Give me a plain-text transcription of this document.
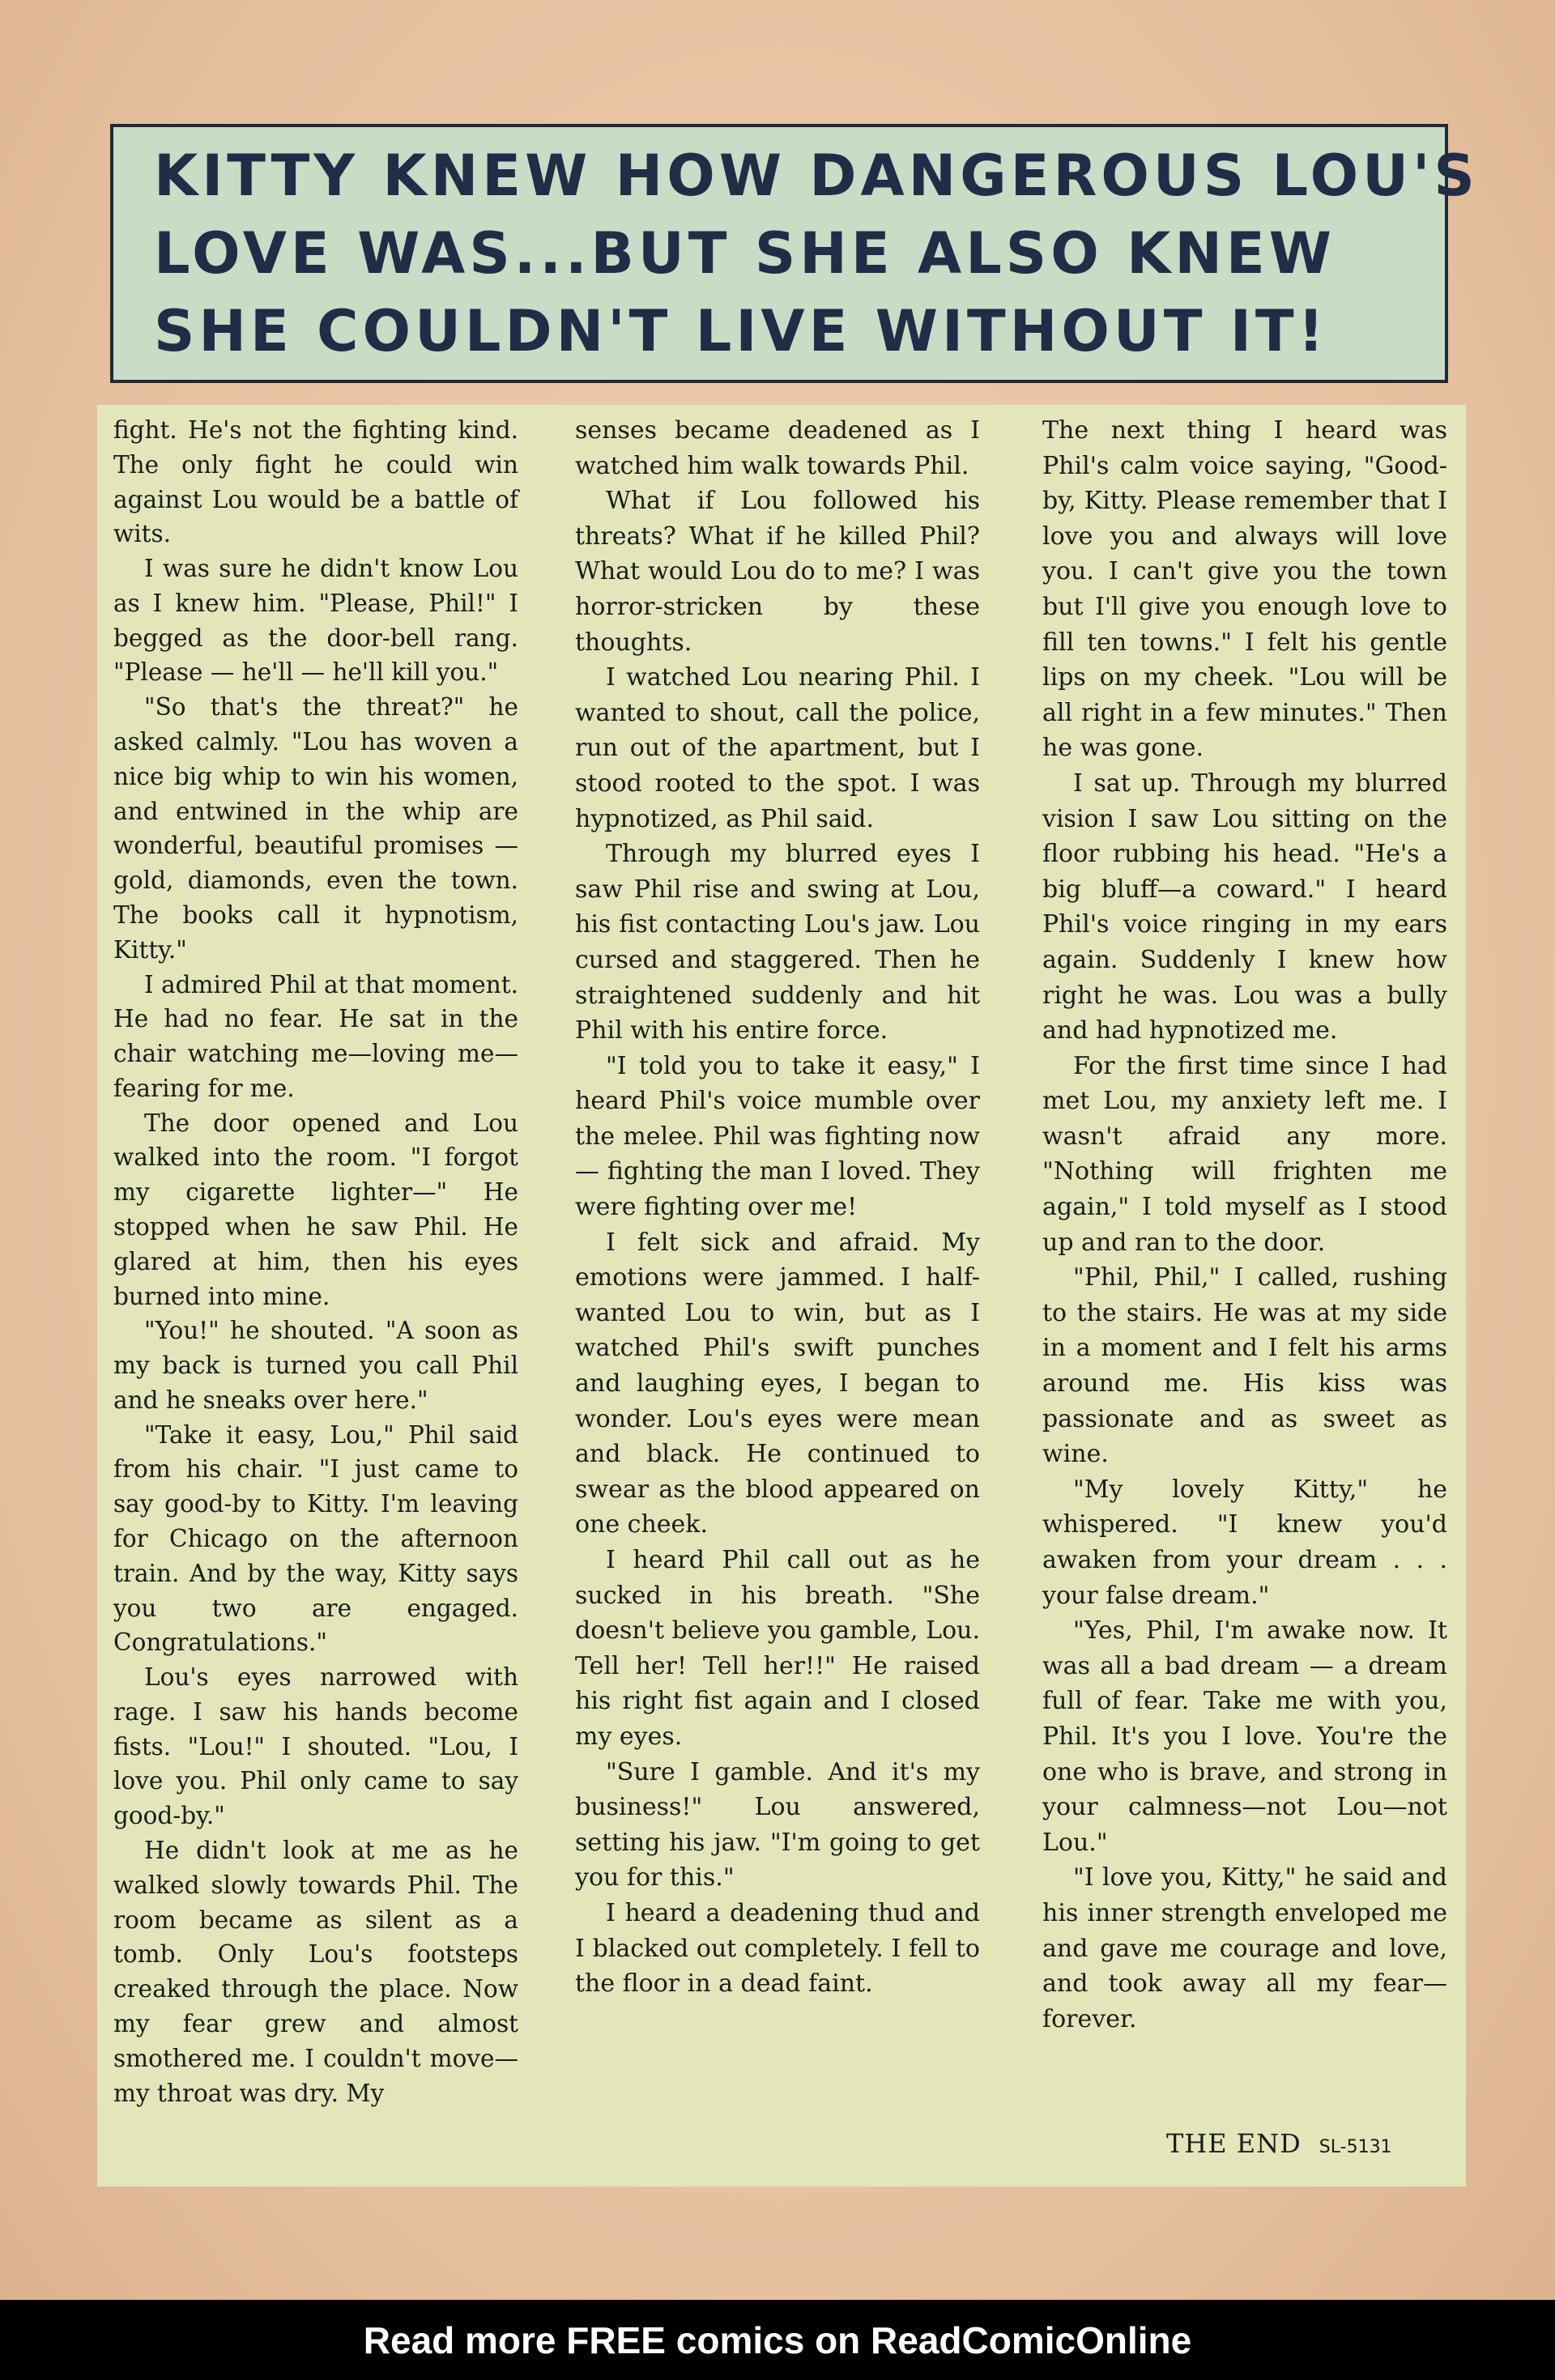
KITTY KNEW HOW DANGEROUS LOU'S
LOVE WAS...BUT SHE ALSO KNEW
SHE COULDN'T LIVE WITHOUT IT!

fight. He's not the fighting kind. The only fight he could win against Lou would be a battle of wits.

I was sure he didn't know Lou as I knew him. "Please, Phil!" I begged as the door-bell rang. "Please — he'll — he'll kill you."

"So that's the threat?" he asked calmly. "Lou has woven a nice big whip to win his women, and entwined in the whip are wonderful, beautiful promises — gold, diamonds, even the town. The books call it hypnotism, Kitty."

I admired Phil at that moment. He had no fear. He sat in the chair watching me—loving me—fearing for me.

The door opened and Lou walked into the room. "I forgot my cigarette lighter—" He stopped when he saw Phil. He glared at him, then his eyes burned into mine.

"You!" he shouted. "A soon as my back is turned you call Phil and he sneaks over here."

"Take it easy, Lou," Phil said from his chair. "I just came to say good-by to Kitty. I'm leaving for Chicago on the afternoon train. And by the way, Kitty says you two are engaged. Congratulations."

Lou's eyes narrowed with rage. I saw his hands become fists. "Lou!" I shouted. "Lou, I love you. Phil only came to say good-by."

He didn't look at me as he walked slowly towards Phil. The room became as silent as a tomb. Only Lou's footsteps creaked through the place. Now my fear grew and almost smothered me. I couldn't move—my throat was dry. My

senses became deadened as I watched him walk towards Phil.

What if Lou followed his threats? What if he killed Phil? What would Lou do to me? I was horror-stricken by these thoughts.

I watched Lou nearing Phil. I wanted to shout, call the police, run out of the apartment, but I stood rooted to the spot. I was hypnotized, as Phil said.

Through my blurred eyes I saw Phil rise and swing at Lou, his fist contacting Lou's jaw. Lou cursed and staggered. Then he straightened suddenly and hit Phil with his entire force.

"I told you to take it easy," I heard Phil's voice mumble over the melee. Phil was fighting now — fighting the man I loved. They were fighting over me!

I felt sick and afraid. My emotions were jammed. I half-wanted Lou to win, but as I watched Phil's swift punches and laughing eyes, I began to wonder. Lou's eyes were mean and black. He continued to swear as the blood appeared on one cheek.

I heard Phil call out as he sucked in his breath. "She doesn't believe you gamble, Lou. Tell her! Tell her!!" He raised his right fist again and I closed my eyes.

"Sure I gamble. And it's my business!" Lou answered, setting his jaw. "I'm going to get you for this."

I heard a deadening thud and I blacked out completely. I fell to the floor in a dead faint.

The next thing I heard was Phil's calm voice saying, "Good-by, Kitty. Please remember that I love you and always will love you. I can't give you the town but I'll give you enough love to fill ten towns." I felt his gentle lips on my cheek. "Lou will be all right in a few minutes." Then he was gone.

I sat up. Through my blurred vision I saw Lou sitting on the floor rubbing his head. "He's a big bluff—a coward." I heard Phil's voice ringing in my ears again. Suddenly I knew how right he was. Lou was a bully and had hypnotized me.

For the first time since I had met Lou, my anxiety left me. I wasn't afraid any more. "Nothing will frighten me again," I told myself as I stood up and ran to the door.

"Phil, Phil," I called, rushing to the stairs. He was at my side in a moment and I felt his arms around me. His kiss was passionate and as sweet as wine.

"My lovely Kitty," he whispered. "I knew you'd awaken from your dream . . . your false dream."

"Yes, Phil, I'm awake now. It was all a bad dream — a dream full of fear. Take me with you, Phil. It's you I love. You're the one who is brave, and strong in your calmness—not Lou—not Lou."

"I love you, Kitty," he said and his inner strength enveloped me and gave me courage and love, and took away all my fear—forever.

THE END SL-5131
Read more FREE comics on ReadComicOnline
